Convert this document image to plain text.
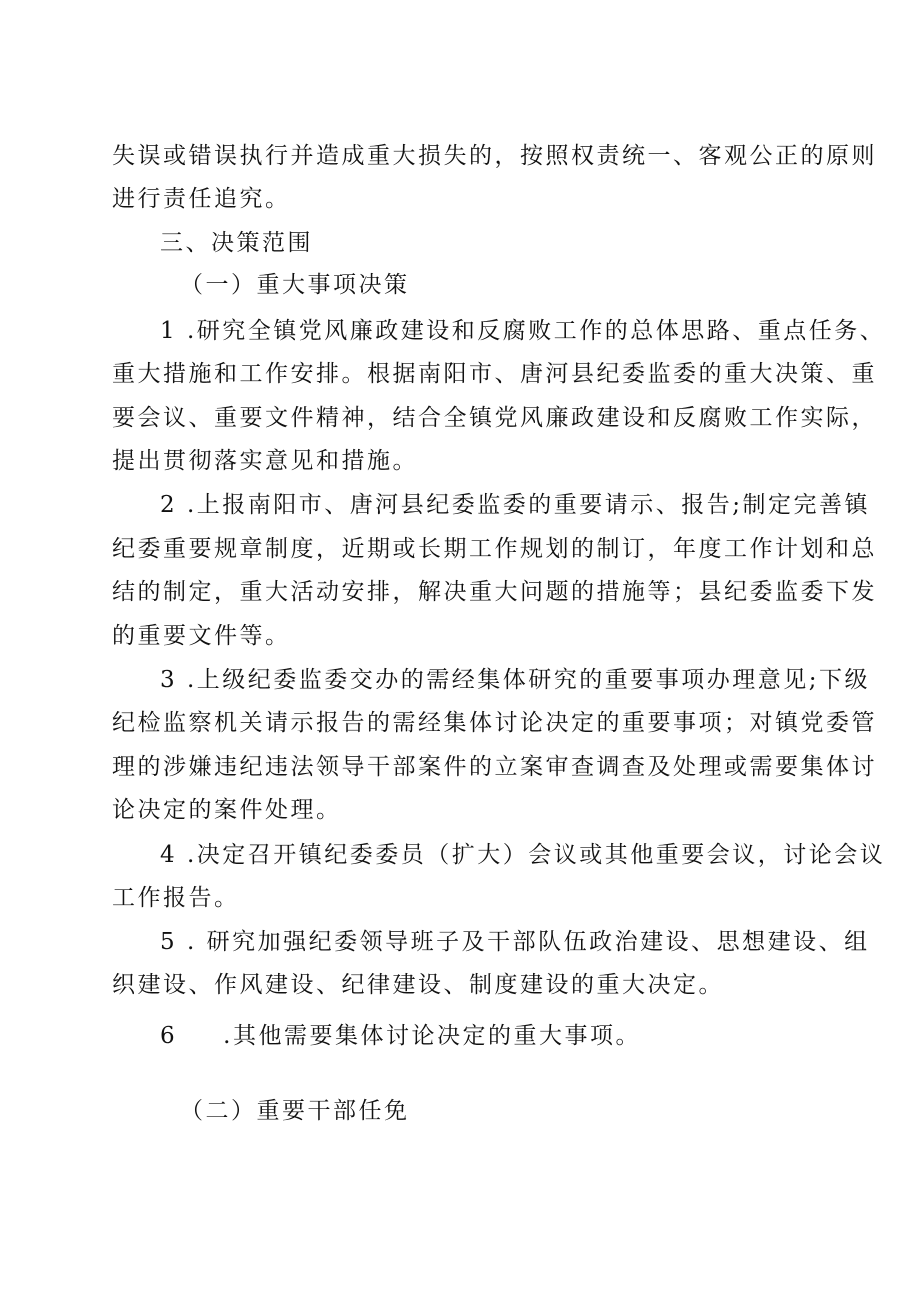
失误或错误执行并造成重大损失的，按照权责统一、客观公正的原则
进行责任追究。
三、决策范围
（一）重大事项决策
1 .研究全镇党风廉政建设和反腐败工作的总体思路、重点任务、
重大措施和工作安排。根据南阳市、唐河县纪委监委的重大决策、重
要会议、重要文件精神，结合全镇党风廉政建设和反腐败工作实际，
提出贯彻落实意见和措施。
2 .上报南阳市、唐河县纪委监委的重要请示、报告;制定完善镇
纪委重要规章制度，近期或长期工作规划的制订，年度工作计划和总
结的制定，重大活动安排，解决重大问题的措施等；县纪委监委下发
的重要文件等。
3 .上级纪委监委交办的需经集体研究的重要事项办理意见;下级
纪检监察机关请示报告的需经集体讨论决定的重要事项；对镇党委管
理的涉嫌违纪违法领导干部案件的立案审查调查及处理或需要集体讨
论决定的案件处理。
4 .决定召开镇纪委委员（扩大）会议或其他重要会议，讨论会议
工作报告。
5 . 研究加强纪委领导班子及干部队伍政治建设、思想建设、组
织建设、作风建设、纪律建设、制度建设的重大决定。
6 .其他需要集体讨论决定的重大事项。
（二）重要干部任免
